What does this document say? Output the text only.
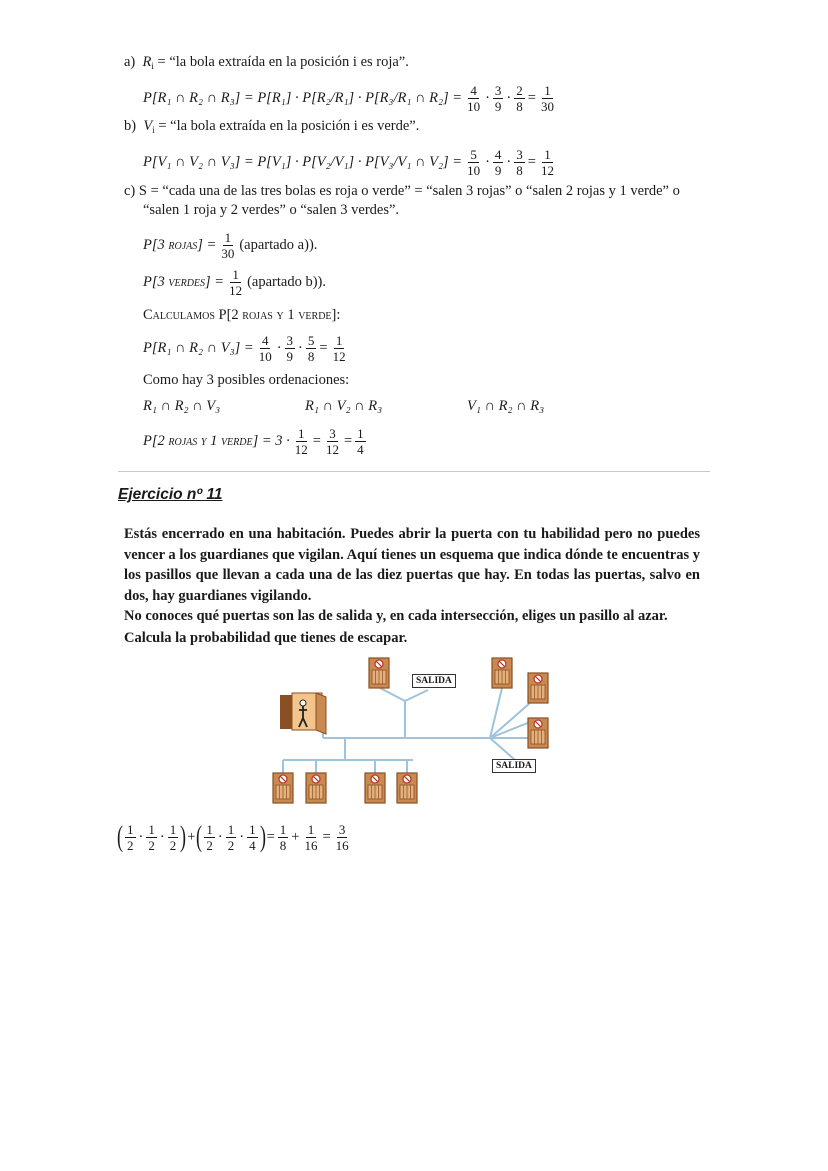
a) $R_i$ = “la bola extraída en la posición i es roja”.
P[R₁ ∩ R₂ ∩ R₃] = P[R₁] · P[R₂/R₁] · P[R₃/R₁ ∩ $R_2] = \frac{4}{10} \cdot \frac{3}{9} \cdot \frac{2}{8} = \frac{1}{30}$
b) $V_i$ = “la bola extraída en la posición i es verde”.
P[V₁ ∩ V₂ ∩ V₃] = P[V₁] · P[V₂/V₁] · P[V₃/V₁ ∩ $V_2] = \frac{5}{10} \cdot \frac{4}{9} \cdot \frac{3}{8} = \frac{1}{12}$
c) S = “cada una de las tres bolas es roja o verde” = “salen 3 rojas” o “salen 2 rojas y 1 verde” o
“salen 1 roja y 2 verdes” o “salen 3 verdes”.
P[3 rojas] = $\frac{1}{30}$ (apartado a)).
P[3 verdes] = $\frac{1}{12}$ (apartado b)).
Calculamos P[2 rojas y 1 verde]:
P[R₁ ∩ R₂ ∩ $V_3] = \frac{4}{10} \cdot \frac{3}{9} \cdot \frac{5}{8} = \frac{1}{12}$
Como hay 3 posibles ordenaciones:
R₁ ∩ R₂ ∩ V₃	R₁ ∩ V₂ ∩ R₃	V₁ ∩ R₂ ∩ R₃
P[2 rojas y 1 verde] = $3 \cdot \frac{1}{12} = \frac{3}{12} = \frac{1}{4}$
Ejercicio nº 11
Estás encerrado en una habitación. Puedes abrir la puerta con tu habilidad pero no puedes vencer a los guardianes que vigilan. Aquí tienes un esquema que indica dónde te encuentras y los pasillos que llevan a cada una de las diez puertas que hay. En todas las puertas, salvo en dos, hay guardianes vigilando.
No conoces qué puertas son las de salida y, en cada intersección, eliges un pasillo al azar.
Calcula la probabilidad que tienes de escapar.
SALIDA
SALIDA
( $\frac{1}{2} \cdot \frac{1}{2} \cdot \frac{1}{2}$ ) + ( $\frac{1}{2} \cdot \frac{1}{2} \cdot \frac{1}{4}$ ) = $\frac{1}{8} + \frac{1}{16} = \frac{3}{16}$
